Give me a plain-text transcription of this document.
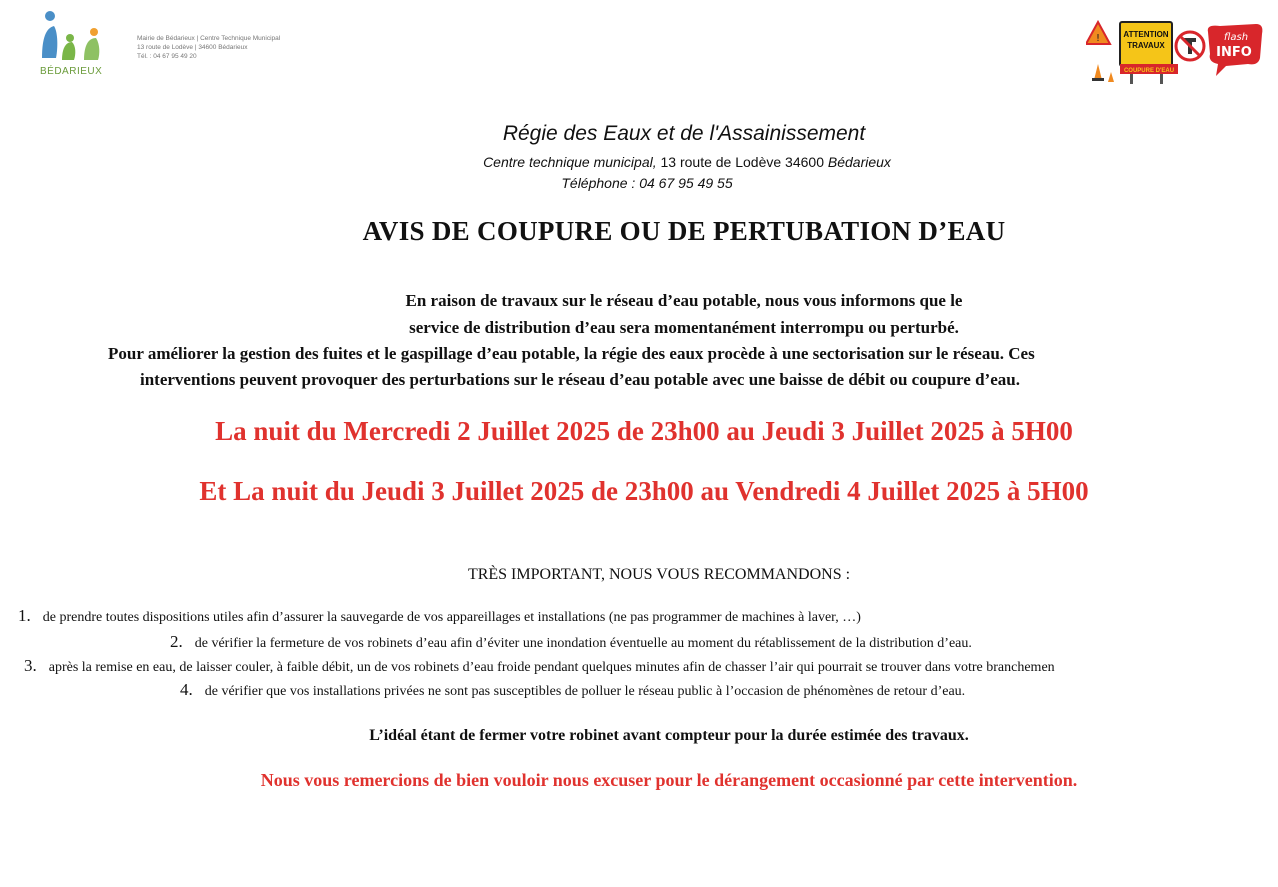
BÉDARIEUX
Mairie de Bédarieux | Centre Technique Municipal
13 route de Lodève | 34600 Bédarieux
Tél. : 04 67 95 49 20
!	ATTENTION
TRAVAUX
COUPURE D'EAU
flash
INFO
Régie des Eaux et de l'Assainissement
Centre technique municipal, 13 route de Lodève 34600 Bédarieux
Téléphone : 04 67 95 49 55
AVIS DE COUPURE OU DE PERTUBATION D’EAU
En raison de travaux sur le réseau d’eau potable, nous vous informons que le
service de distribution d’eau sera momentanément interrompu ou perturbé.
Pour améliorer la gestion des fuites et le gaspillage d’eau potable, la régie des eaux procède à une sectorisation sur le réseau. Ces
interventions peuvent provoquer des perturbations sur le réseau d’eau potable avec une baisse de débit ou coupure d’eau.
La nuit du Mercredi 2 Juillet 2025 de 23h00 au Jeudi 3 Juillet 2025 à 5H00
Et La nuit du Jeudi 3 Juillet 2025 de 23h00 au Vendredi 4 Juillet 2025 à 5H00
TRÈS IMPORTANT, NOUS VOUS RECOMMANDONS :
1. de prendre toutes dispositions utiles afin d’assurer la sauvegarde de vos appareillages et installations (ne pas programmer de machines à laver, …)
2. de vérifier la fermeture de vos robinets d’eau afin d’éviter une inondation éventuelle au moment du rétablissement de la distribution d’eau.
3. après la remise en eau, de laisser couler, à faible débit, un de vos robinets d’eau froide pendant quelques minutes afin de chasser l’air qui pourrait se trouver dans votre branchemen
4. de vérifier que vos installations privées ne sont pas susceptibles de polluer le réseau public à l’occasion de phénomènes de retour d’eau.
L’idéal étant de fermer votre robinet avant compteur pour la durée estimée des travaux.
Nous vous remercions de bien vouloir nous excuser pour le dérangement occasionné par cette intervention.
